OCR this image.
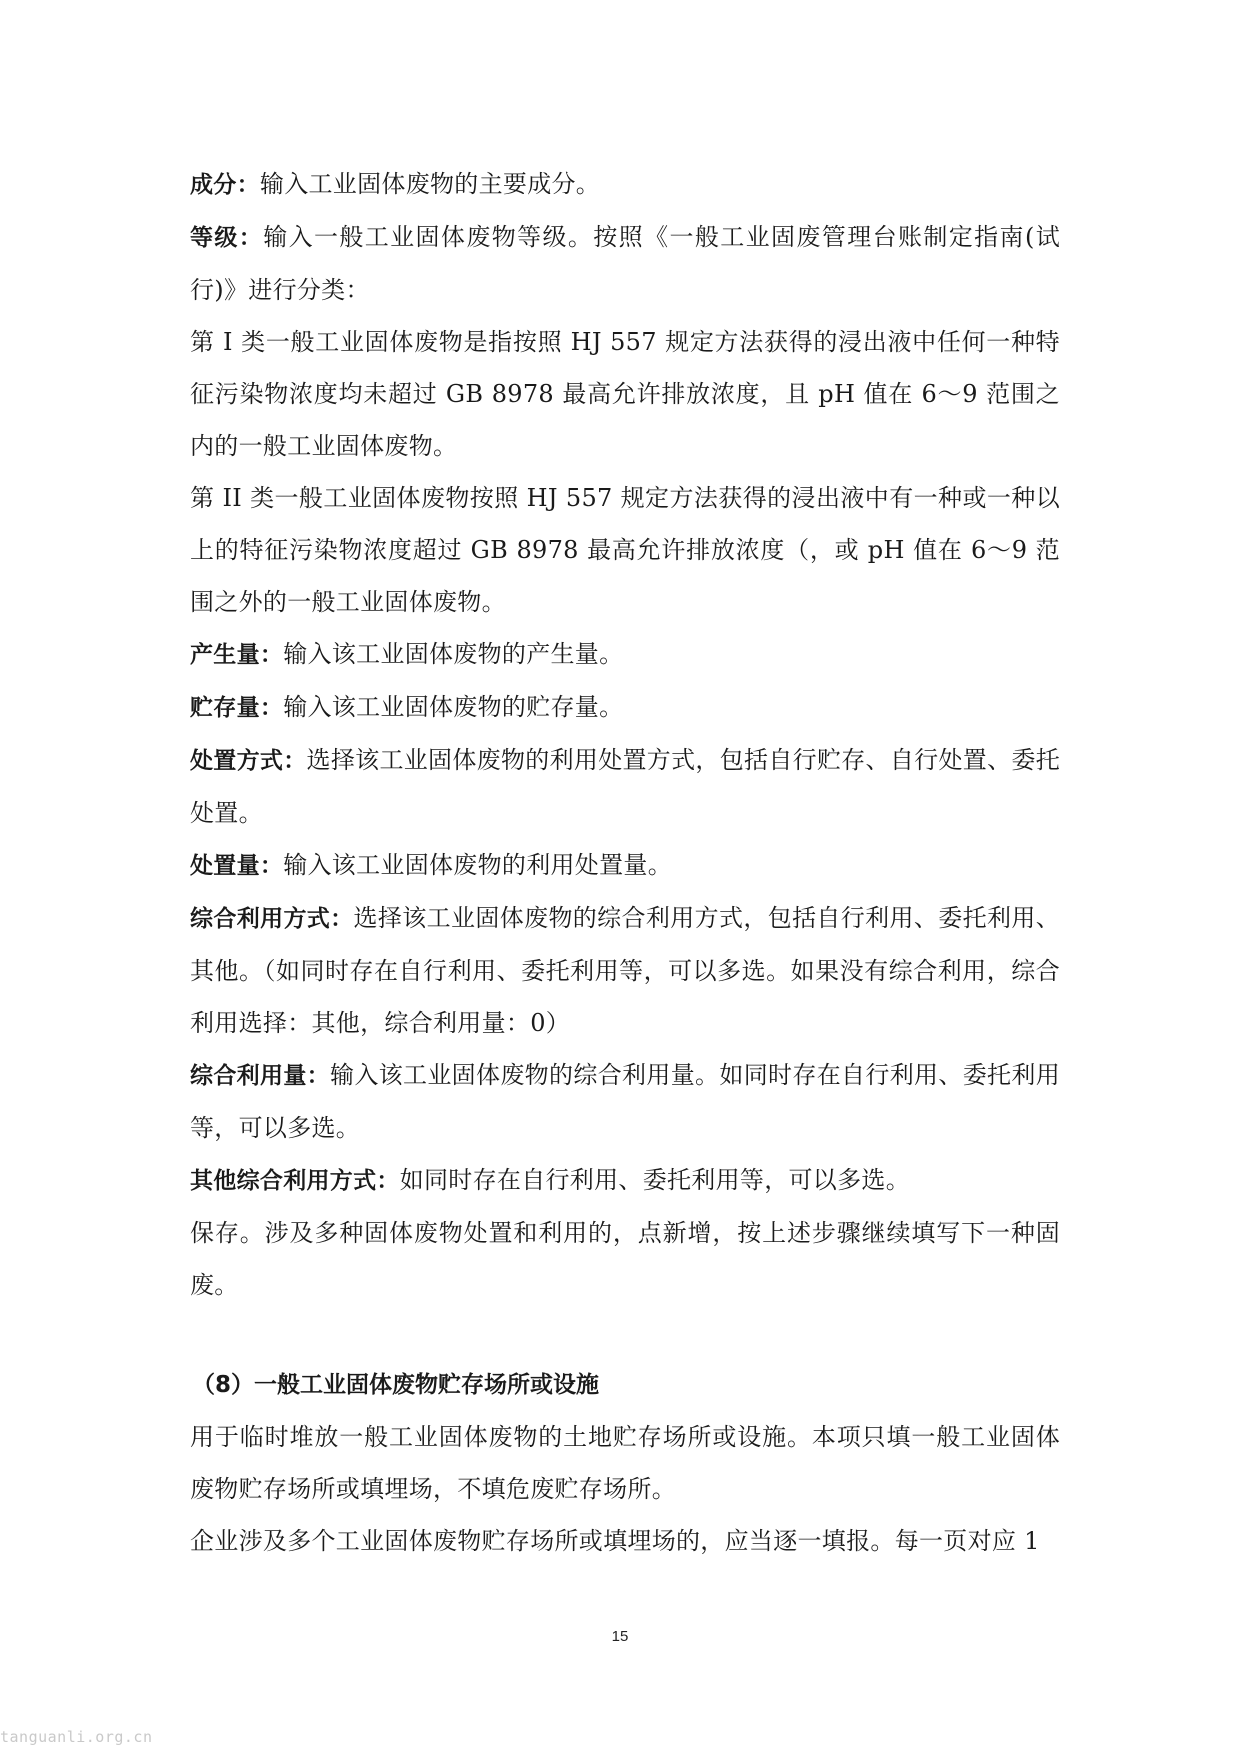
成分：输入工业固体废物的主要成分。

等级：输入一般工业固体废物等级。按照《一般工业固废管理台账制定指南(试行)》进行分类：

第 I 类一般工业固体废物是指按照 HJ 557 规定方法获得的浸出液中任何一种特征污染物浓度均未超过 GB 8978 最高允许排放浓度，且 pH 值在 6～9 范围之内的一般工业固体废物。

第 II 类一般工业固体废物按照 HJ 557 规定方法获得的浸出液中有一种或一种以上的特征污染物浓度超过 GB 8978 最高允许排放浓度（，或 pH 值在 6～9 范围之外的一般工业固体废物。

产生量：输入该工业固体废物的产生量。

贮存量：输入该工业固体废物的贮存量。

处置方式：选择该工业固体废物的利用处置方式，包括自行贮存、自行处置、委托处置。

处置量：输入该工业固体废物的利用处置量。

综合利用方式：选择该工业固体废物的综合利用方式，包括自行利用、委托利用、其他。（如同时存在自行利用、委托利用等，可以多选。如果没有综合利用，综合利用选择：其他，综合利用量：0）

综合利用量：输入该工业固体废物的综合利用量。如同时存在自行利用、委托利用等，可以多选。

其他综合利用方式：如同时存在自行利用、委托利用等，可以多选。

保存。涉及多种固体废物处置和利用的，点新增，按上述步骤继续填写下一种固废。

（8）一般工业固体废物贮存场所或设施

用于临时堆放一般工业固体废物的土地贮存场所或设施。本项只填一般工业固体废物贮存场所或填埋场，不填危废贮存场所。

企业涉及多个工业固体废物贮存场所或填埋场的，应当逐一填报。每一页对应 1

15
tanguanli.org.cn
